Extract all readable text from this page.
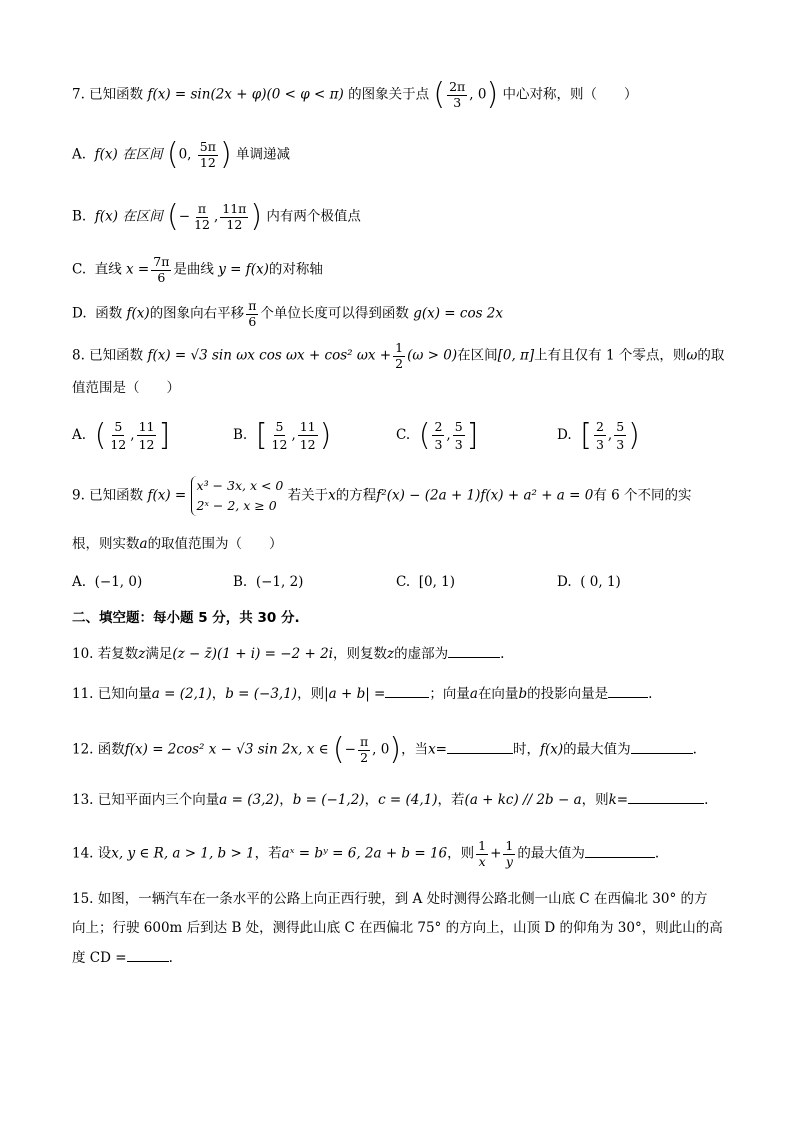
7. 已知函数 f(x) = sin(2x + φ)(0 < φ < π) 的图象关于点 ( $\frac{2\pi}{3}$ , 0) 中心对称，则（　　）
A. f(x) 在区间 (0, $\frac{5\pi}{12}$ ) 单调递减
B. f(x) 在区间 (− $\frac{\pi}{12}$ , $\frac{11\pi}{12}$ ) 内有两个极值点
C. 直线 $x = \frac{7\pi}{6}$ 是曲线 y = f(x)的对称轴
D. 函数 f(x)的图象向右平移 $\frac{\pi}{6}$ 个单位长度可以得到函数 g(x) = cos 2x
8. 已知函数 f(x) = √3 sin ωx cos ωx + cos² $\omega x + \frac{1}{2} (\omega > 0)$在区间[0, π]上有且仅有 1 个零点，则ω的取
值范围是（　　）
A. ( $\frac{5}{12}$ , $\frac{11}{12}$ ]	B. [ $\frac{5}{12}$ , $\frac{11}{12}$ )	C. ( $\frac{2}{3}$ , $\frac{5}{3}$ ]	D. [ $\frac{2}{3}$ , $\frac{5}{3}$ )
9. 已知函数 f(x) =
x³ − 3x, x < 0
2ˣ − 2, x ≥ 0
若关于x的方程f²(x) − (2a + 1)f(x) + a² + a = 0有 6 个不同的实
根，则实数a的取值范围为（　　）
A. (−1, 0)	B. (−1, 2)	C. [0, 1)	D. ( 0, 1)
二、填空题：每小题 5 分，共 30 分.
10. 若复数z满足(z − z̄)(1 + i) = −2 + 2i，则复数z的虚部为	.
11. 已知向量a = (2,1)，b = (−3,1)，则|a + b| =	；向量a在向量b的投影向量是	.
12. 函数f(x) = 2cos² x − √3 sin 2x, x ∈ (− $\frac{\pi}{2}$ , 0)，当x=	时，f(x)的最大值为	.
13. 已知平面内三个向量a = (3,2)，b = (−1,2)，c = (4,1)，若(a + kc) // 2b − a，则k=	.
14. 设x, y ∈ R, a > 1, b > 1，若aˣ = bʸ = 6, 2a + b = 16，则 $\frac{1}{x} + \frac{1}{y}$ 的最大值为	.
15. 如图，一辆汽车在一条水平的公路上向正西行驶，到 A 处时测得公路北侧一山底 C 在西偏北 30° 的方
向上；行驶 600m 后到达 B 处，测得此山底 C 在西偏北 75° 的方向上，山顶 D 的仰角为 30°，则此山的高
度 CD =	.
